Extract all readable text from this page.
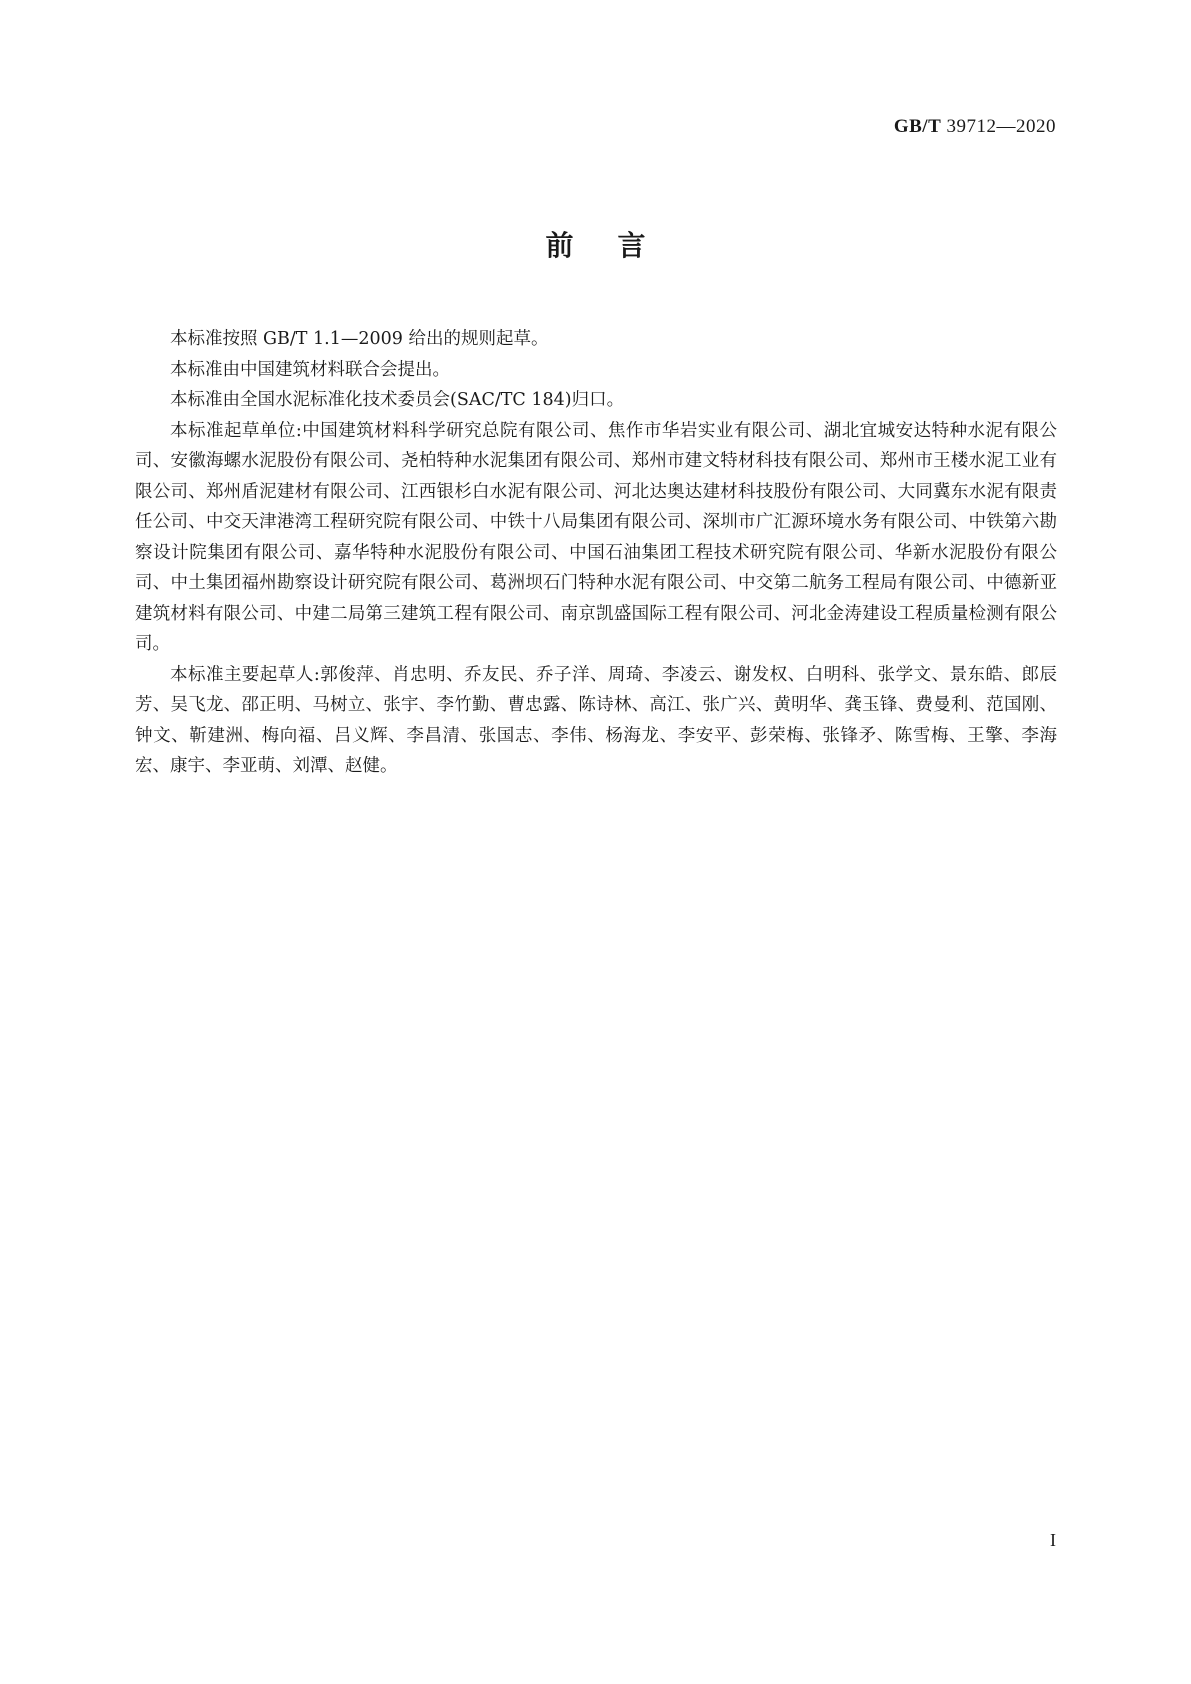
GB/T 39712—2020
前言

本标准按照 GB/T 1.1—2009 给出的规则起草。

本标准由中国建筑材料联合会提出。

本标准由全国水泥标准化技术委员会(SAC/TC 184)归口。

本标准起草单位:中国建筑材料科学研究总院有限公司、焦作市华岩实业有限公司、湖北宜城安达特种水泥有限公司、安徽海螺水泥股份有限公司、尧柏特种水泥集团有限公司、郑州市建文特材科技有限公司、郑州市王楼水泥工业有限公司、郑州盾泥建材有限公司、江西银杉白水泥有限公司、河北达奥达建材科技股份有限公司、大同冀东水泥有限责任公司、中交天津港湾工程研究院有限公司、中铁十八局集团有限公司、深圳市广汇源环境水务有限公司、中铁第六勘察设计院集团有限公司、嘉华特种水泥股份有限公司、中国石油集团工程技术研究院有限公司、华新水泥股份有限公司、中土集团福州勘察设计研究院有限公司、葛洲坝石门特种水泥有限公司、中交第二航务工程局有限公司、中德新亚建筑材料有限公司、中建二局第三建筑工程有限公司、南京凯盛国际工程有限公司、河北金涛建设工程质量检测有限公司。

本标准主要起草人:郭俊萍、肖忠明、乔友民、乔子洋、周琦、李凌云、谢发权、白明科、张学文、景东皓、郎辰芳、吴飞龙、邵正明、马树立、张宇、李竹勤、曹忠露、陈诗林、高江、张广兴、黄明华、龚玉锋、费曼利、范国刚、钟文、靳建洲、梅向福、吕义辉、李昌清、张国志、李伟、杨海龙、李安平、彭荣梅、张锋矛、陈雪梅、王擎、李海宏、康宇、李亚萌、刘潭、赵健。

I
